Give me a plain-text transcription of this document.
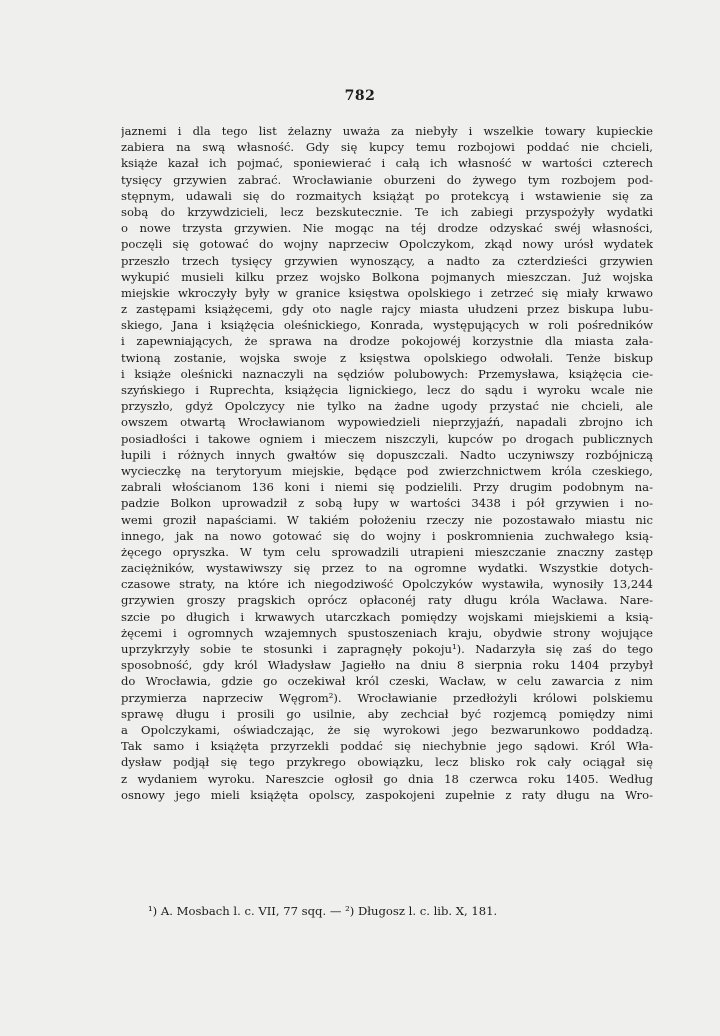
782
jaznemi i dla tego list żelazny uważa za niebyły i wszelkie towary kupieckie
zabiera na swą własność. Gdy się kupcy temu rozbojowi poddać nie chcieli,
książe kazał ich pojmać, sponiewierać i całą ich własność w wartości czterech
tysięcy grzywien zabrać. Wrocławianie oburzeni do żywego tym rozbojem pod-
stępnym, udawali się do rozmaitych książąt po protekcyą i wstawienie się za
sobą do krzywdzicieli, lecz bezskutecznie. Te ich zabiegi przyspożyły wydatki
o nowe trzysta grzywien. Nie mogąc na téj drodze odzyskać swéj własności,
poczęli się gotować do wojny naprzeciw Opolczykom, zkąd nowy urósł wydatek
przeszło trzech tysięcy grzywien wynoszący, a nadto za czterdzieści grzywien
wykupić musieli kilku przez wojsko Bolkona pojmanych mieszczan. Już wojska
miejskie wkroczyły były w granice księstwa opolskiego i zetrzeć się miały krwawo
z zastępami książęcemi, gdy oto nagle rajcy miasta ułudzeni przez biskupa lubu-
skiego, Jana i książęcia oleśnickiego, Konrada, występujących w roli pośredników
i zapewniających, że sprawa na drodze pokojowéj korzystnie dla miasta zała-
twioną zostanie, wojska swoje z księstwa opolskiego odwołali. Tenże biskup
i książe oleśnicki naznaczyli na sędziów polubowych: Przemysława, książęcia cie-
szyńskiego i Ruprechta, książęcia lignickiego, lecz do sądu i wyroku wcale nie
przyszło, gdyż Opolczycy nie tylko na żadne ugody przystać nie chcieli, ale
owszem otwartą Wrocławianom wypowiedzieli nieprzyjaźń, napadali zbrojno ich
posiadłości i takowe ogniem i mieczem niszczyli, kupców po drogach publicznych
łupili i różnych innych gwałtów się dopuszczali. Nadto uczyniwszy rozbójniczą
wycieczkę na terytoryum miejskie, będące pod zwierzchnictwem króla czeskiego,
zabrali włościanom 136 koni i niemi się podzielili. Przy drugim podobnym na-
padzie Bolkon uprowadził z sobą łupy w wartości 3438 i pół grzywien i no-
wemi groził napaściami. W takiém położeniu rzeczy nie pozostawało miastu nic
innego, jak na nowo gotować się do wojny i poskromnienia zuchwałego ksią-
żęcego opryszka. W tym celu sprowadzili utrapieni mieszczanie znaczny zastęp
zaciężników, wystawiwszy się przez to na ogromne wydatki. Wszystkie dotych-
czasowe straty, na które ich niegodziwość Opolczyków wystawiła, wynosiły 13,244
grzywien groszy pragskich oprócz opłaconéj raty długu króla Wacława. Nare-
szcie po długich i krwawych utarczkach pomiędzy wojskami miejskiemi a ksią-
żęcemi i ogromnych wzajemnych spustoszeniach kraju, obydwie strony wojujące
uprzykrzyły sobie te stosunki i zapragnęły pokoju¹). Nadarzyła się zaś do tego
sposobność, gdy król Władysław Jagiełło na dniu 8 sierpnia roku 1404 przybył
do Wrocławia, gdzie go oczekiwał król czeski, Wacław, w celu zawarcia z nim
przymierza naprzeciw Węgrom²). Wrocławianie przedłożyli królowi polskiemu
sprawę długu i prosili go usilnie, aby zechciał być rozjemcą pomiędzy nimi
a Opolczykami, oświadczając, że się wyrokowi jego bezwarunkowo poddadzą.
Tak samo i książęta przyrzekli poddać się niechybnie jego sądowi. Król Wła-
dysław podjął się tego przykrego obowiązku, lecz blisko rok cały ociągał się
z wydaniem wyroku. Nareszcie ogłosił go dnia 18 czerwca roku 1405. Według
osnowy jego mieli książęta opolscy, zaspokojeni zupełnie z raty długu na Wro-
¹) A. Mosbach l. c. VII, 77 sqq. — ²) Długosz l. c. lib. X, 181.
